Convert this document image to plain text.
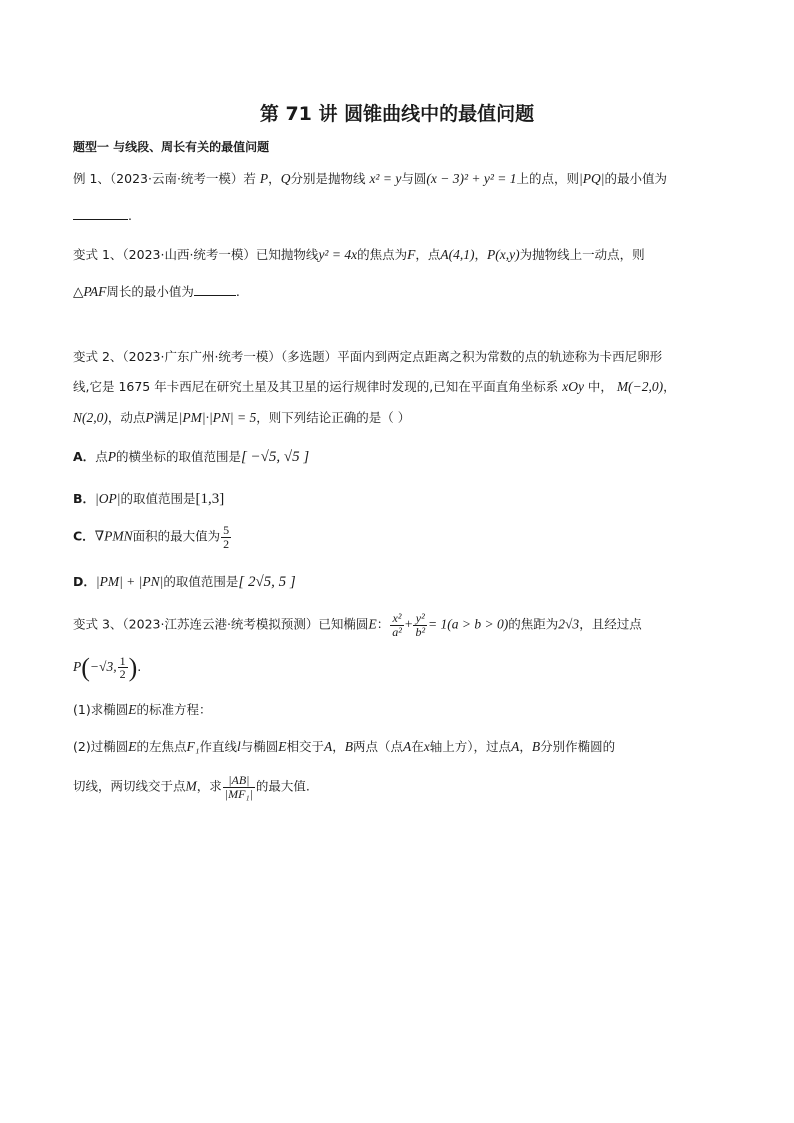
第 71 讲 圆锥曲线中的最值问题
题型一 与线段、周长有关的最值问题
例 1、（2023·云南·统考一模）若 P，Q分别是抛物线 x² = y与圆(x − 3)² + y² = 1上的点，则|PQ|的最小值为
.
变式 1、（2023·山西·统考一模）已知抛物线y² = 4x的焦点为F，点A(4,1)，P(x,y)为抛物线上一动点，则
△PAF周长的最小值为	.
变式 2、（2023·广东广州·统考一模）（多选题）平面内到两定点距离之积为常数的点的轨迹称为卡西尼卵形
线,它是 1675 年卡西尼在研究土星及其卫星的运行规律时发现的,已知在平面直角坐标系 xOy 中， M(−2,0)，
N(2,0)，动点P满足|PM|·|PN| = 5，则下列结论正确的是（ ）
A．点P的横坐标的取值范围是[ −√5, √5 ]
B．|OP|的取值范围是[1,3]
C．∇PMN面积的最大值为 $\frac{5}{2}$
D．|PM| + |PN|的取值范围是[ 2√5, 5 ]
变式 3、（2023·江苏连云港·统考模拟预测）已知椭圆E： $\frac{\text{x²}}{\text{a²}} + \frac{\text{y²}}{\text{b²}} = 1(a > b > 0)$的焦距为2√3，且经过点
P(−√3, $\frac{1}{2}$ ).
(1)求椭圆E的标准方程：
(2)过椭圆E的左焦点F₁作直线l与椭圆E相交于A，B两点（点A在x轴上方），过点A，B分别作椭圆的
切线，两切线交于点M，求 $\frac{|AB|}{\text{|MF₁|}}$ 的最大值.
